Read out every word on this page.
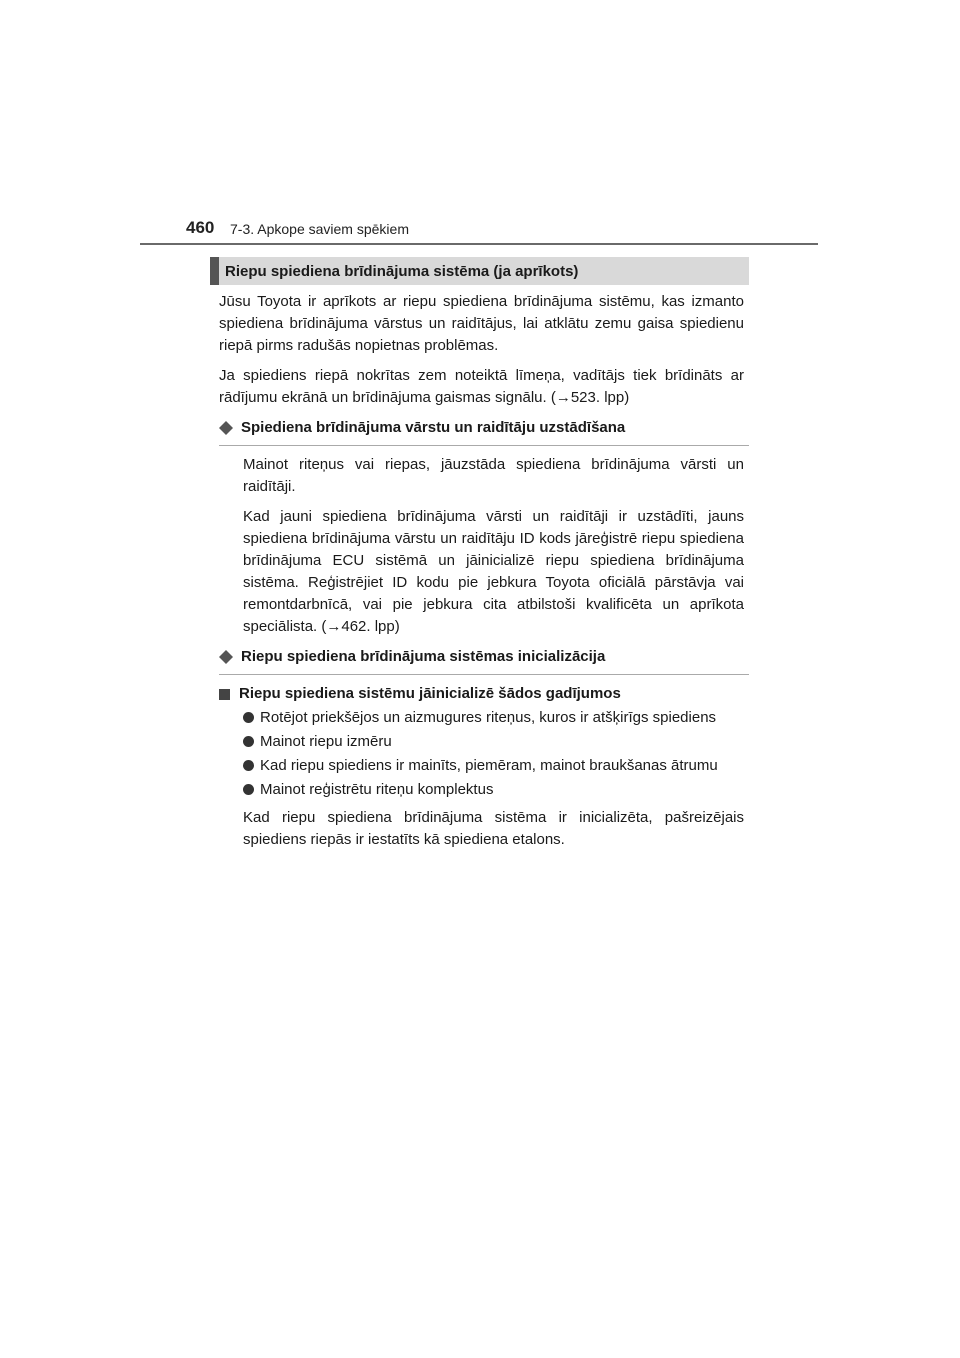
460 7-3. Apkope saviem spēkiem
Riepu spiediena brīdinājuma sistēma (ja aprīkots)

Jūsu Toyota ir aprīkots ar riepu spiediena brīdinājuma sistēmu, kas izmanto spiediena brīdinājuma vārstus un raidītājus, lai atklātu zemu gaisa spiedienu riepā pirms radušās nopietnas problēmas.

Ja spiediens riepā nokrītas zem noteiktā līmeņa, vadītājs tiek brīdināts ar rādījumu ekrānā un brīdinājuma gaismas signālu. (→523. lpp)

Spiediena brīdinājuma vārstu un raidītāju uzstādīšana

Mainot riteņus vai riepas, jāuzstāda spiediena brīdinājuma vārsti un raidītāji.

Kad jauni spiediena brīdinājuma vārsti un raidītāji ir uzstādīti, jauns spiediena brīdinājuma vārstu un raidītāju ID kods jāreģistrē riepu spiediena brīdinājuma ECU sistēmā un jāinicializē riepu spiediena brīdinājuma sistēma. Reģistrējiet ID kodu pie jebkura Toyota oficiālā pārstāvja vai remontdarbnīcā, vai pie jebkura cita atbilstoši kvalificēta un aprīkota speciālista. (→462. lpp)

Riepu spiediena brīdinājuma sistēmas inicializācija
Riepu spiediena sistēmu jāinicializē šādos gadījumos

Rotējot priekšējos un aizmugures riteņus, kuros ir atšķirīgs spiediens

Mainot riepu izmēru

Kad riepu spiediens ir mainīts, piemēram, mainot braukšanas ātrumu

Mainot reģistrētu riteņu komplektus

Kad riepu spiediena brīdinājuma sistēma ir inicializēta, pašreizējais spiediens riepās ir iestatīts kā spiediena etalons.
